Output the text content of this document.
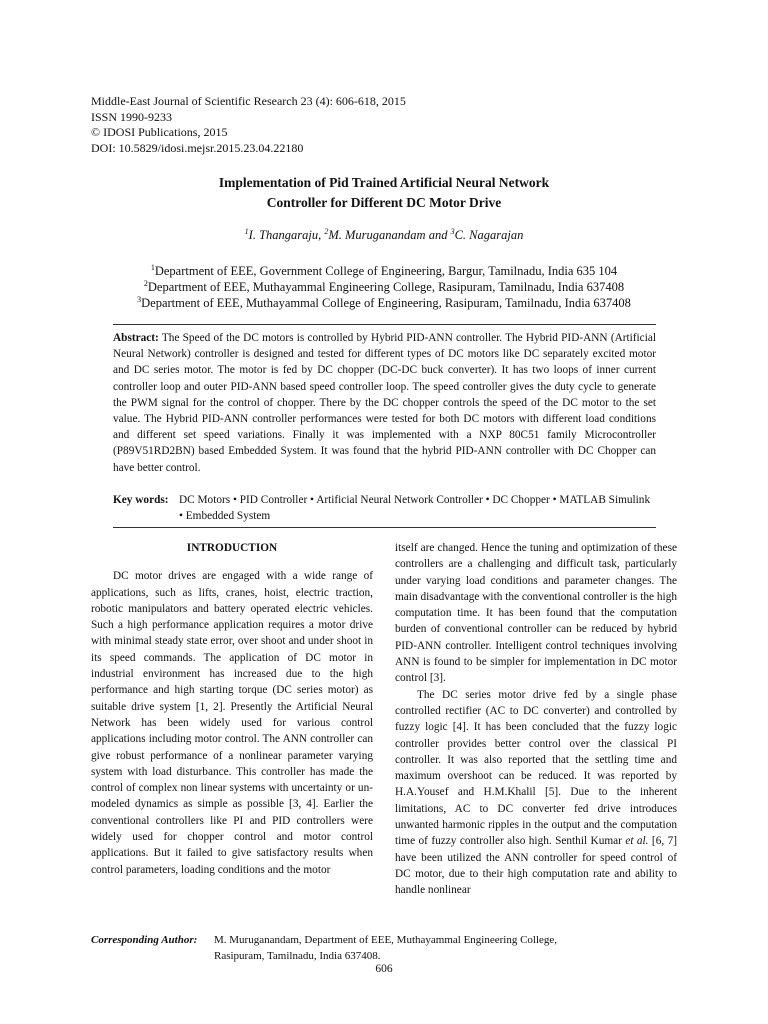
Middle-East Journal of Scientific Research 23 (4): 606-618, 2015
ISSN 1990-9233
© IDOSI Publications, 2015
DOI: 10.5829/idosi.mejsr.2015.23.04.22180
Implementation of Pid Trained Artificial Neural Network
Controller for Different DC Motor Drive
$^1$I. Thangaraju, $^2$M. Muruganandam and $^3$C. Nagarajan
$^1$Department of EEE, Government College of Engineering, Bargur, Tamilnadu, India 635 104
$^2$Department of EEE, Muthayammal Engineering College, Rasipuram, Tamilnadu, India 637408
$^3$Department of EEE, Muthayammal College of Engineering, Rasipuram, Tamilnadu, India 637408
Abstract: The Speed of the DC motors is controlled by Hybrid PID-ANN controller. The Hybrid PID-ANN (Artificial Neural Network) controller is designed and tested for different types of DC motors like DC separately excited motor and DC series motor. The motor is fed by DC chopper (DC-DC buck converter). It has two loops of inner current controller loop and outer PID-ANN based speed controller loop. The speed controller gives the duty cycle to generate the PWM signal for the control of chopper. There by the DC chopper controls the speed of the DC motor to the set value. The Hybrid PID-ANN controller performances were tested for both DC motors with different load conditions and different set speed variations. Finally it was implemented with a NXP 80C51 family Microcontroller (P89V51RD2BN) based Embedded System. It was found that the hybrid PID-ANN controller with DC Chopper can have better control.
Key words: DC Motors • PID Controller • Artificial Neural Network Controller • DC Chopper • MATLAB Simulink • Embedded System

INTRODUCTION

DC motor drives are engaged with a wide range of applications, such as lifts, cranes, hoist, electric traction, robotic manipulators and battery operated electric vehicles. Such a high performance application requires a motor drive with minimal steady state error, over shoot and under shoot in its speed commands. The application of DC motor in industrial environment has increased due to the high performance and high starting torque (DC series motor) as suitable drive system [1, 2]. Presently the Artificial Neural Network has been widely used for various control applications including motor control. The ANN controller can give robust performance of a nonlinear parameter varying system with load disturbance. This controller has made the control of complex non linear systems with uncertainty or un-modeled dynamics as simple as possible [3, 4]. Earlier the conventional controllers like PI and PID controllers were widely used for chopper control and motor control applications. But it failed to give satisfactory results when control parameters, loading conditions and the motor

itself are changed. Hence the tuning and optimization of these controllers are a challenging and difficult task, particularly under varying load conditions and parameter changes. The main disadvantage with the conventional controller is the high computation time. It has been found that the computation burden of conventional controller can be reduced by hybrid PID-ANN controller. Intelligent control techniques involving ANN is found to be simpler for implementation in DC motor control [3].

The DC series motor drive fed by a single phase controlled rectifier (AC to DC converter) and controlled by fuzzy logic [4]. It has been concluded that the fuzzy logic controller provides better control over the classical PI controller. It was also reported that the settling time and maximum overshoot can be reduced. It was reported by H.A.Yousef and H.M.Khalil [5]. Due to the inherent limitations, AC to DC converter fed drive introduces unwanted harmonic ripples in the output and the computation time of fuzzy controller also high. Senthil Kumar et al. [6, 7] have been utilized the ANN controller for speed control of DC motor, due to their high computation rate and ability to handle nonlinear

Corresponding Author: M. Muruganandam, Department of EEE, Muthayammal Engineering College,
Rasipuram, Tamilnadu, India 637408.
606
